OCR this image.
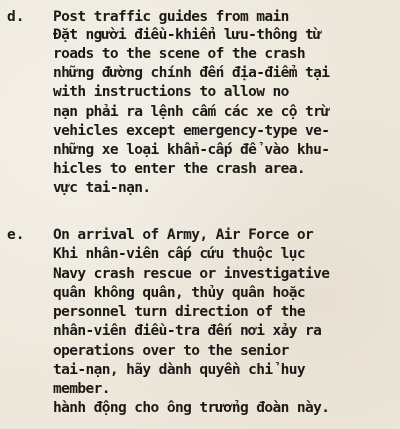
d. Post traffic guides from main
Đặt người điều-khiển lưu-thông từ
roads to the scene of the crash
những đường chính đến địa-điểm tại
with instructions to allow no
nạn phải ra lệnh cấm các xe cộ trừ
vehicles except emergency-type ve-
những xe loại khẩn-cấp để vào khu-
hicles to enter the crash area.
vực tai-nạn.
e. On arrival of Army, Air Force or
Khi nhân-viên cấp cứu thuộc lục
Navy crash rescue or investigative
quân không quân, thủy quân hoặc
personnel turn direction of the
nhân-viên điều-tra đến nơi xảy ra
operations over to the senior
tai-nạn, hãy dành quyền chỉ huy
member.
hành động cho ông trưởng đoàn này.
